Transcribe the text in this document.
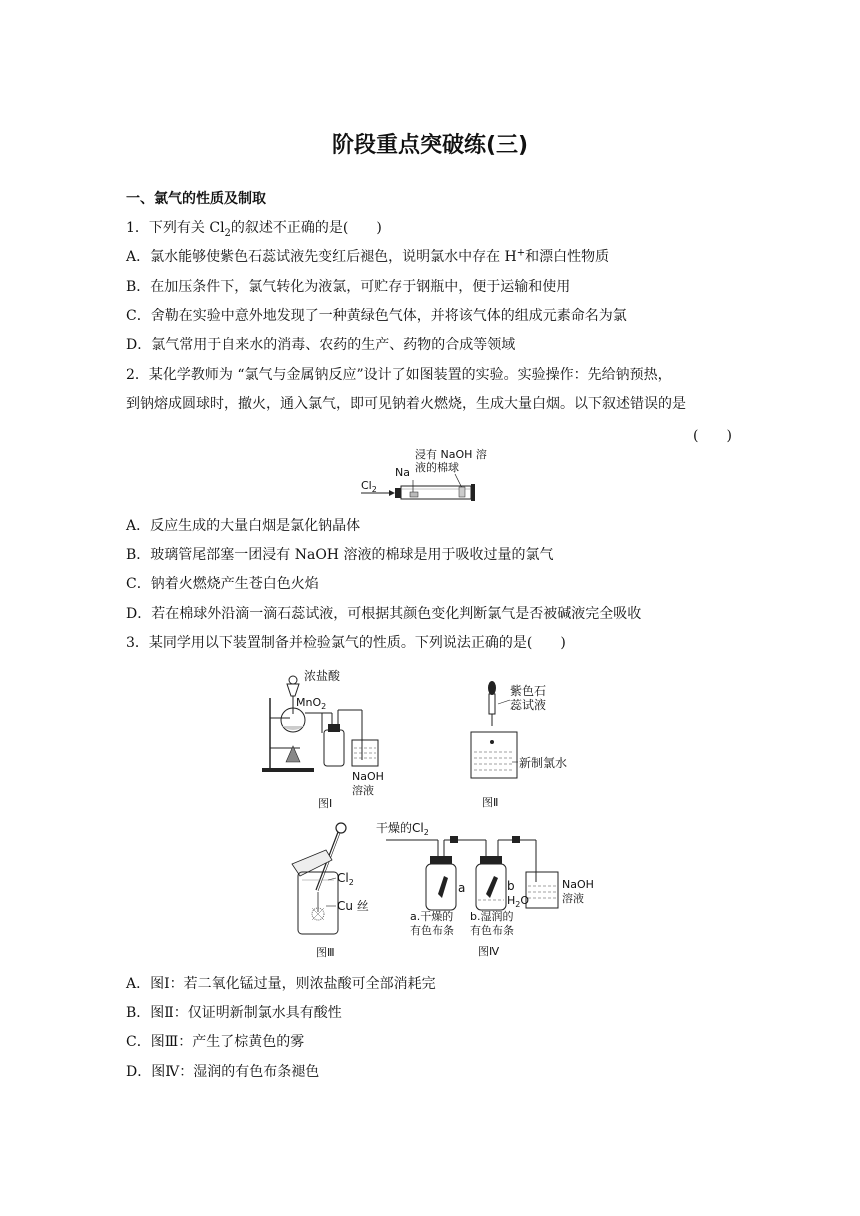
阶段重点突破练(三)
一、氯气的性质及制取
1．下列有关 $Cl_2$的叙述不正确的是(　　)
A．氯水能够使紫色石蕊试液先变红后褪色，说明氯水中存在 H+和漂白性物质
B．在加压条件下，氯气转化为液氯，可贮存于钢瓶中，便于运输和使用
C．舍勒在实验中意外地发现了一种黄绿色气体，并将该气体的组成元素命名为氯
D．氯气常用于自来水的消毒、农药的生产、药物的合成等领域
2．某化学教师为 “氯气与金属钠反应”设计了如图装置的实验。实验操作：先给钠预热，
到钠熔成圆球时，撤火，通入氯气，即可见钠着火燃烧，生成大量白烟。以下叙述错误的是
(　　)
浸有 NaOH 溶
液的棉球
Na
$Cl_2$
A．反应生成的大量白烟是氯化钠晶体
B．玻璃管尾部塞一团浸有 NaOH 溶液的棉球是用于吸收过量的氯气
C．钠着火燃烧产生苍白色火焰
D．若在棉球外沿滴一滴石蕊试液，可根据其颜色变化判断氯气是否被碱液完全吸收
3．某同学用以下装置制备并检验氯气的性质。下列说法正确的是(　　)
浓盐酸
MnO$_2$
NaOH
溶液
图Ⅰ
紫色石
蕊试液
新制氯水
图Ⅱ
$Cl_2$
Cu 丝
图Ⅲ
干燥的$Cl_2$
a	b
$H_2O$
NaOH
溶液
a.干燥的
有色布条
b.湿润的
有色布条
图Ⅳ
A．图Ⅰ：若二氧化锰过量，则浓盐酸可全部消耗完
B．图Ⅱ：仅证明新制氯水具有酸性
C．图Ⅲ：产生了棕黄色的雾
D．图Ⅳ：湿润的有色布条褪色
